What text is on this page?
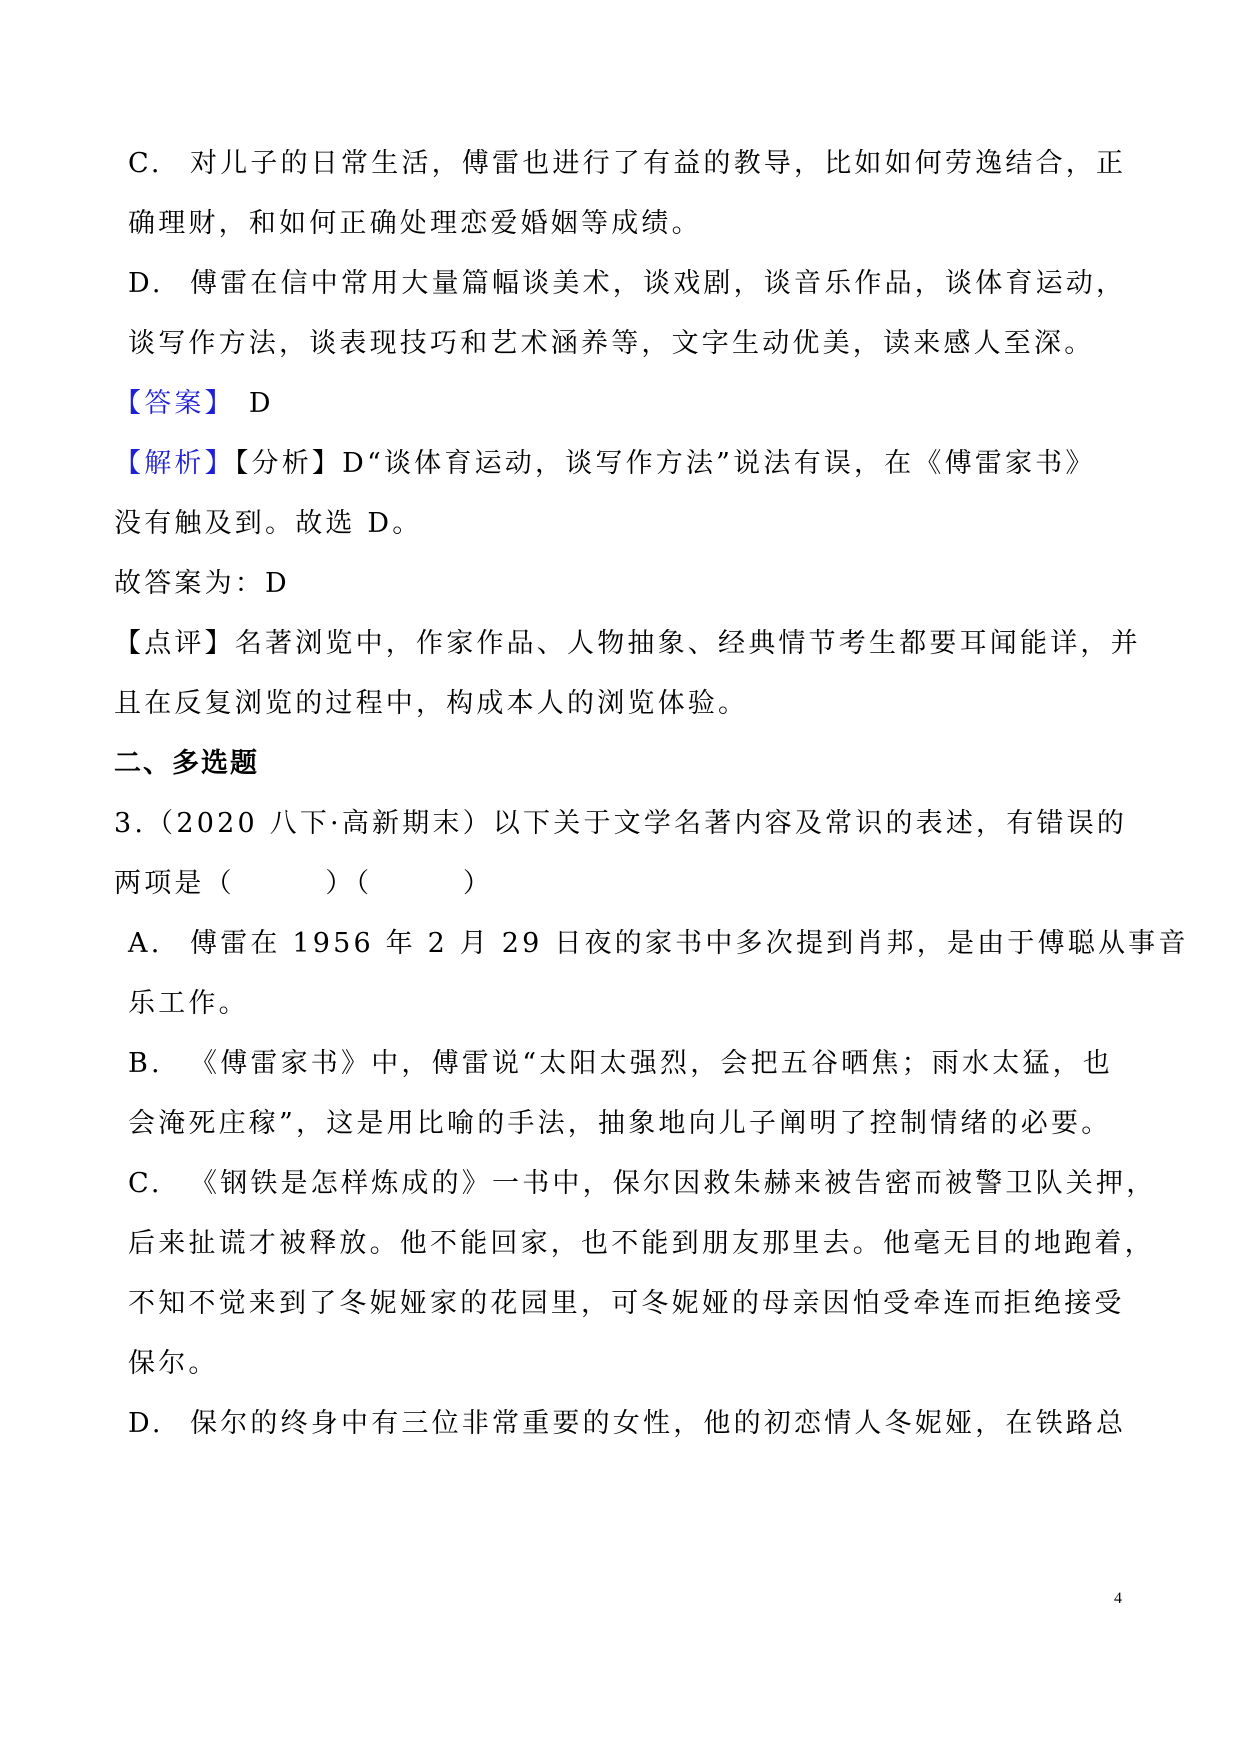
C. 对儿子的日常生活，傅雷也进行了有益的教导，比如如何劳逸结合，正
确理财，和如何正确处理恋爱婚姻等成绩。
D. 傅雷在信中常用大量篇幅谈美术，谈戏剧，谈音乐作品，谈体育运动，
谈写作方法，谈表现技巧和艺术涵养等，文字生动优美，读来感人至深。
【答案】 D
【解析】【分析】D“谈体育运动，谈写作方法”说法有误，在《傅雷家书》
没有触及到。故选 D。
故答案为：D
【点评】名著浏览中，作家作品、人物抽象、经典情节考生都要耳闻能详，并
且在反复浏览的过程中，构成本人的浏览体验。
二、多选题
3.（2020 八下·高新期末）以下关于文学名著内容及常识的表述，有错误的
两项是（　　　）（　　　）
A. 傅雷在 1956 年 2 月 29 日夜的家书中多次提到肖邦，是由于傅聪从事音
乐工作。
B. 《傅雷家书》中，傅雷说“太阳太强烈，会把五谷晒焦；雨水太猛，也
会淹死庄稼”，这是用比喻的手法，抽象地向儿子阐明了控制情绪的必要。
C. 《钢铁是怎样炼成的》一书中，保尔因救朱赫来被告密而被警卫队关押，
后来扯谎才被释放。他不能回家，也不能到朋友那里去。他毫无目的地跑着，
不知不觉来到了冬妮娅家的花园里，可冬妮娅的母亲因怕受牵连而拒绝接受
保尔。
D. 保尔的终身中有三位非常重要的女性，他的初恋情人冬妮娅，在铁路总
4
